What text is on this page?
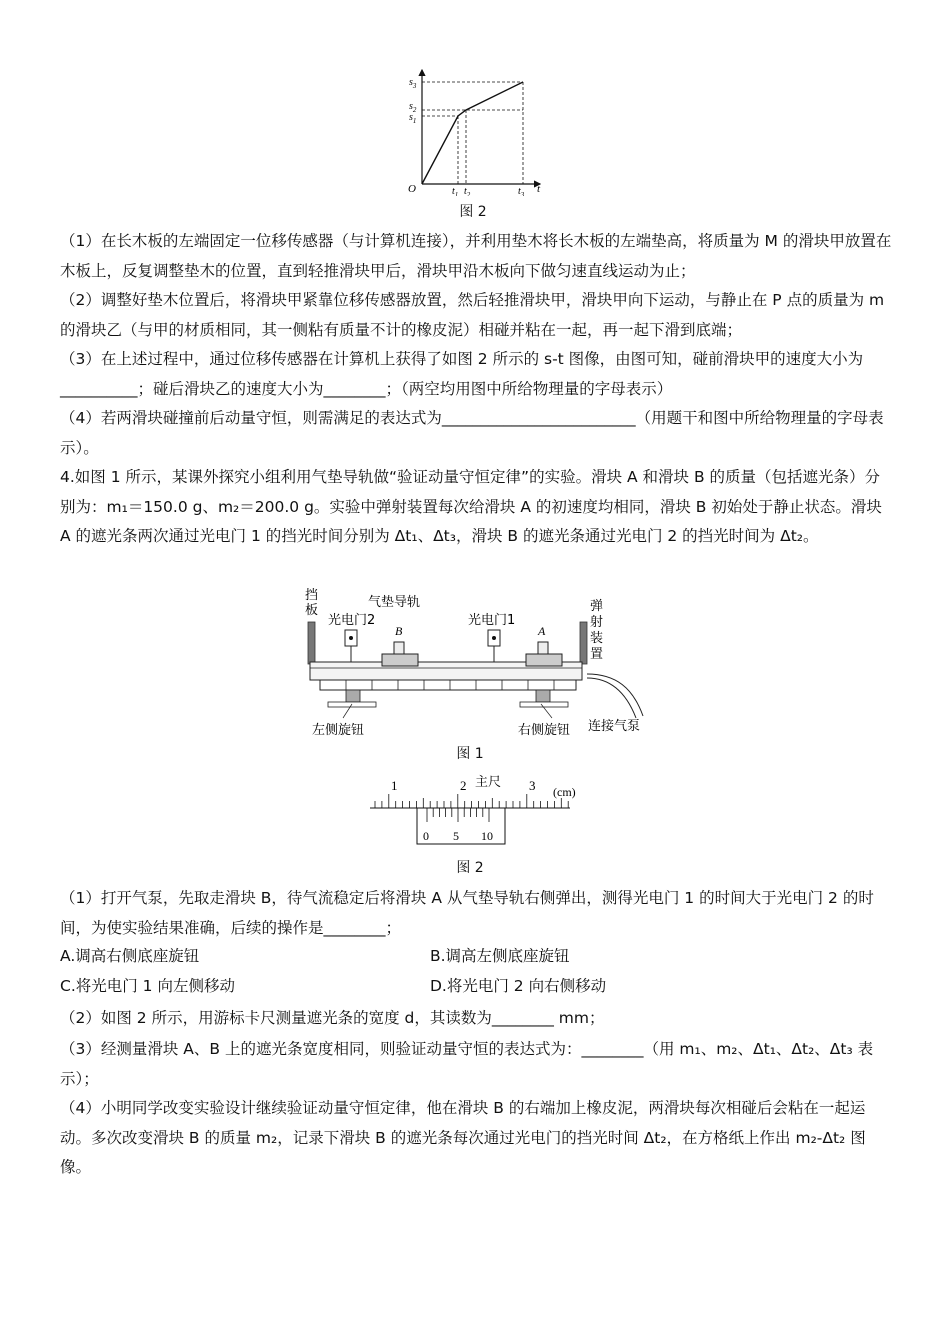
$s_3$
$s_2$
$s_1$
O	$t_1$ $t_2$	$t_3$ t
图 2

（1）在长木板的左端固定一位移传感器（与计算机连接），并利用垫木将长木板的左端垫高，将质量为 M 的滑块甲放置在木板上，反复调整垫木的位置，直到轻推滑块甲后，滑块甲沿木板向下做匀速直线运动为止；

（2）调整好垫木位置后，将滑块甲紧靠位移传感器放置，然后轻推滑块甲，滑块甲向下运动，与静止在 P 点的质量为 m 的滑块乙（与甲的材质相同，其一侧粘有质量不计的橡皮泥）相碰并粘在一起，再一起下滑到底端；

（3）在上述过程中，通过位移传感器在计算机上获得了如图 2 所示的 s-t 图像，由图可知，碰前滑块甲的速度大小为__________；碰后滑块乙的速度大小为________；（两空均用图中所给物理量的字母表示）

（4）若两滑块碰撞前后动量守恒，则需满足的表达式为_________________________（用题干和图中所给物理量的字母表示）。

4.如图 1 所示，某课外探究小组利用气垫导轨做“验证动量守恒定律”的实验。滑块 A 和滑块 B 的质量（包括遮光条）分别为：m₁＝150.0 g、m₂＝200.0 g。实验中弹射装置每次给滑块 A 的初速度均相同，滑块 B 初始处于静止状态。滑块 A 的遮光条两次通过光电门 1 的挡光时间分别为 Δt₁、Δt₃，滑块 B 的遮光条通过光电门 2 的挡光时间为 Δt₂。

挡
板
气垫导轨
光电门2
B
光电门1
A
弹
射
装
置
左侧旋钮	右侧旋钮 连接气泵
图 1
1	2	3
主尺
(cm)
0 5 10
图 2

（1）打开气泵，先取走滑块 B，待气流稳定后将滑块 A 从气垫导轨右侧弹出，测得光电门 1 的时间大于光电门 2 的时间，为使实验结果准确，后续的操作是________；

A.调高右侧底座旋钮	B.调高左侧底座旋钮

C.将光电门 1 向左侧移动	D.将光电门 2 向右侧移动

（2）如图 2 所示，用游标卡尺测量遮光条的宽度 d，其读数为________ mm；

（3）经测量滑块 A、B 上的遮光条宽度相同，则验证动量守恒的表达式为：________（用 m₁、m₂、Δt₁、Δt₂、Δt₃ 表示）；

（4）小明同学改变实验设计继续验证动量守恒定律，他在滑块 B 的右端加上橡皮泥，两滑块每次相碰后会粘在一起运动。多次改变滑块 B 的质量 m₂，记录下滑块 B 的遮光条每次通过光电门的挡光时间 Δt₂，在方格纸上作出 m₂-Δt₂ 图像。
